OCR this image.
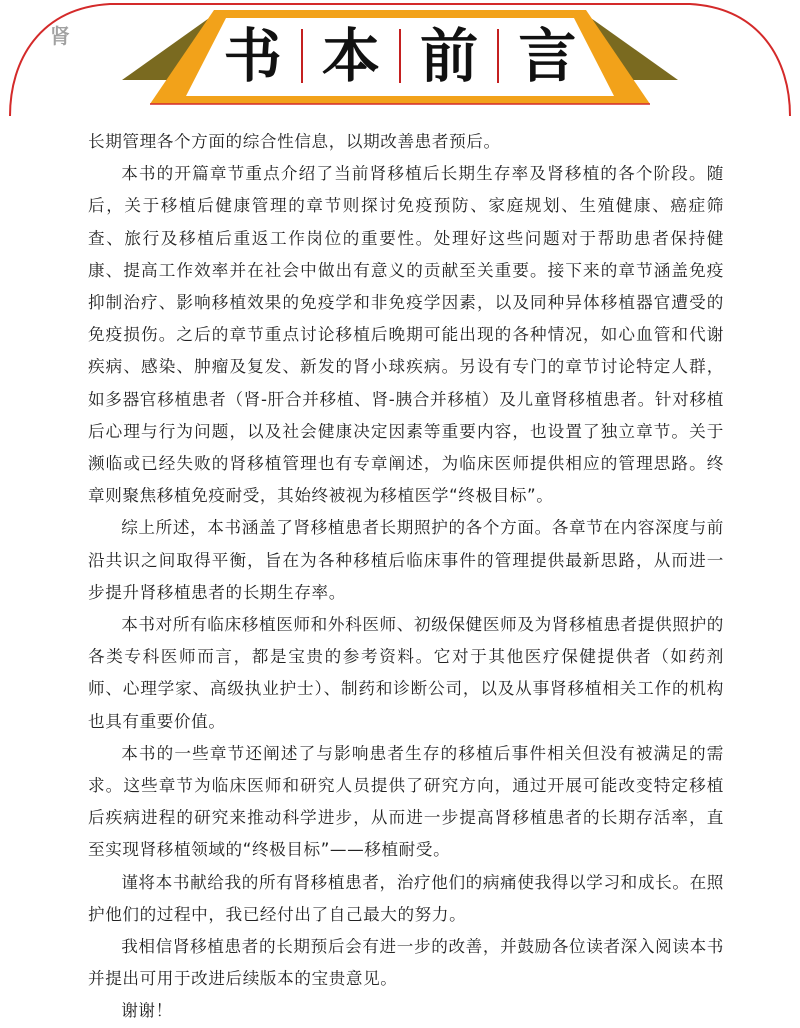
肾	书 本 前 言

长期管理各个方面的综合性信息，以期改善患者预后。

本书的开篇章节重点介绍了当前肾移植后长期生存率及肾移植的各个阶段。随后，关于移植后健康管理的章节则探讨免疫预防、家庭规划、生殖健康、癌症筛查、旅行及移植后重返工作岗位的重要性。处理好这些问题对于帮助患者保持健康、提高工作效率并在社会中做出有意义的贡献至关重要。接下来的章节涵盖免疫抑制治疗、影响移植效果的免疫学和非免疫学因素，以及同种异体移植器官遭受的免疫损伤。之后的章节重点讨论移植后晚期可能出现的各种情况，如心血管和代谢疾病、感染、肿瘤及复发、新发的肾小球疾病。另设有专门的章节讨论特定人群，如多器官移植患者（肾-肝合并移植、肾-胰合并移植）及儿童肾移植患者。针对移植后心理与行为问题，以及社会健康决定因素等重要内容，也设置了独立章节。关于濒临或已经失败的肾移植管理也有专章阐述，为临床医师提供相应的管理思路。终章则聚焦移植免疫耐受，其始终被视为移植医学“终极目标”。

综上所述，本书涵盖了肾移植患者长期照护的各个方面。各章节在内容深度与前沿共识之间取得平衡，旨在为各种移植后临床事件的管理提供最新思路，从而进一步提升肾移植患者的长期生存率。

本书对所有临床移植医师和外科医师、初级保健医师及为肾移植患者提供照护的各类专科医师而言，都是宝贵的参考资料。它对于其他医疗保健提供者（如药剂师、心理学家、高级执业护士）、制药和诊断公司，以及从事肾移植相关工作的机构也具有重要价值。

本书的一些章节还阐述了与影响患者生存的移植后事件相关但没有被满足的需求。这些章节为临床医师和研究人员提供了研究方向，通过开展可能改变特定移植后疾病进程的研究来推动科学进步，从而进一步提高肾移植患者的长期存活率，直至实现肾移植领域的“终极目标”——移植耐受。

谨将本书献给我的所有肾移植患者，治疗他们的病痛使我得以学习和成长。在照护他们的过程中，我已经付出了自己最大的努力。

我相信肾移植患者的长期预后会有进一步的改善，并鼓励各位读者深入阅读本书并提出可用于改进后续版本的宝贵意见。

谢谢！
